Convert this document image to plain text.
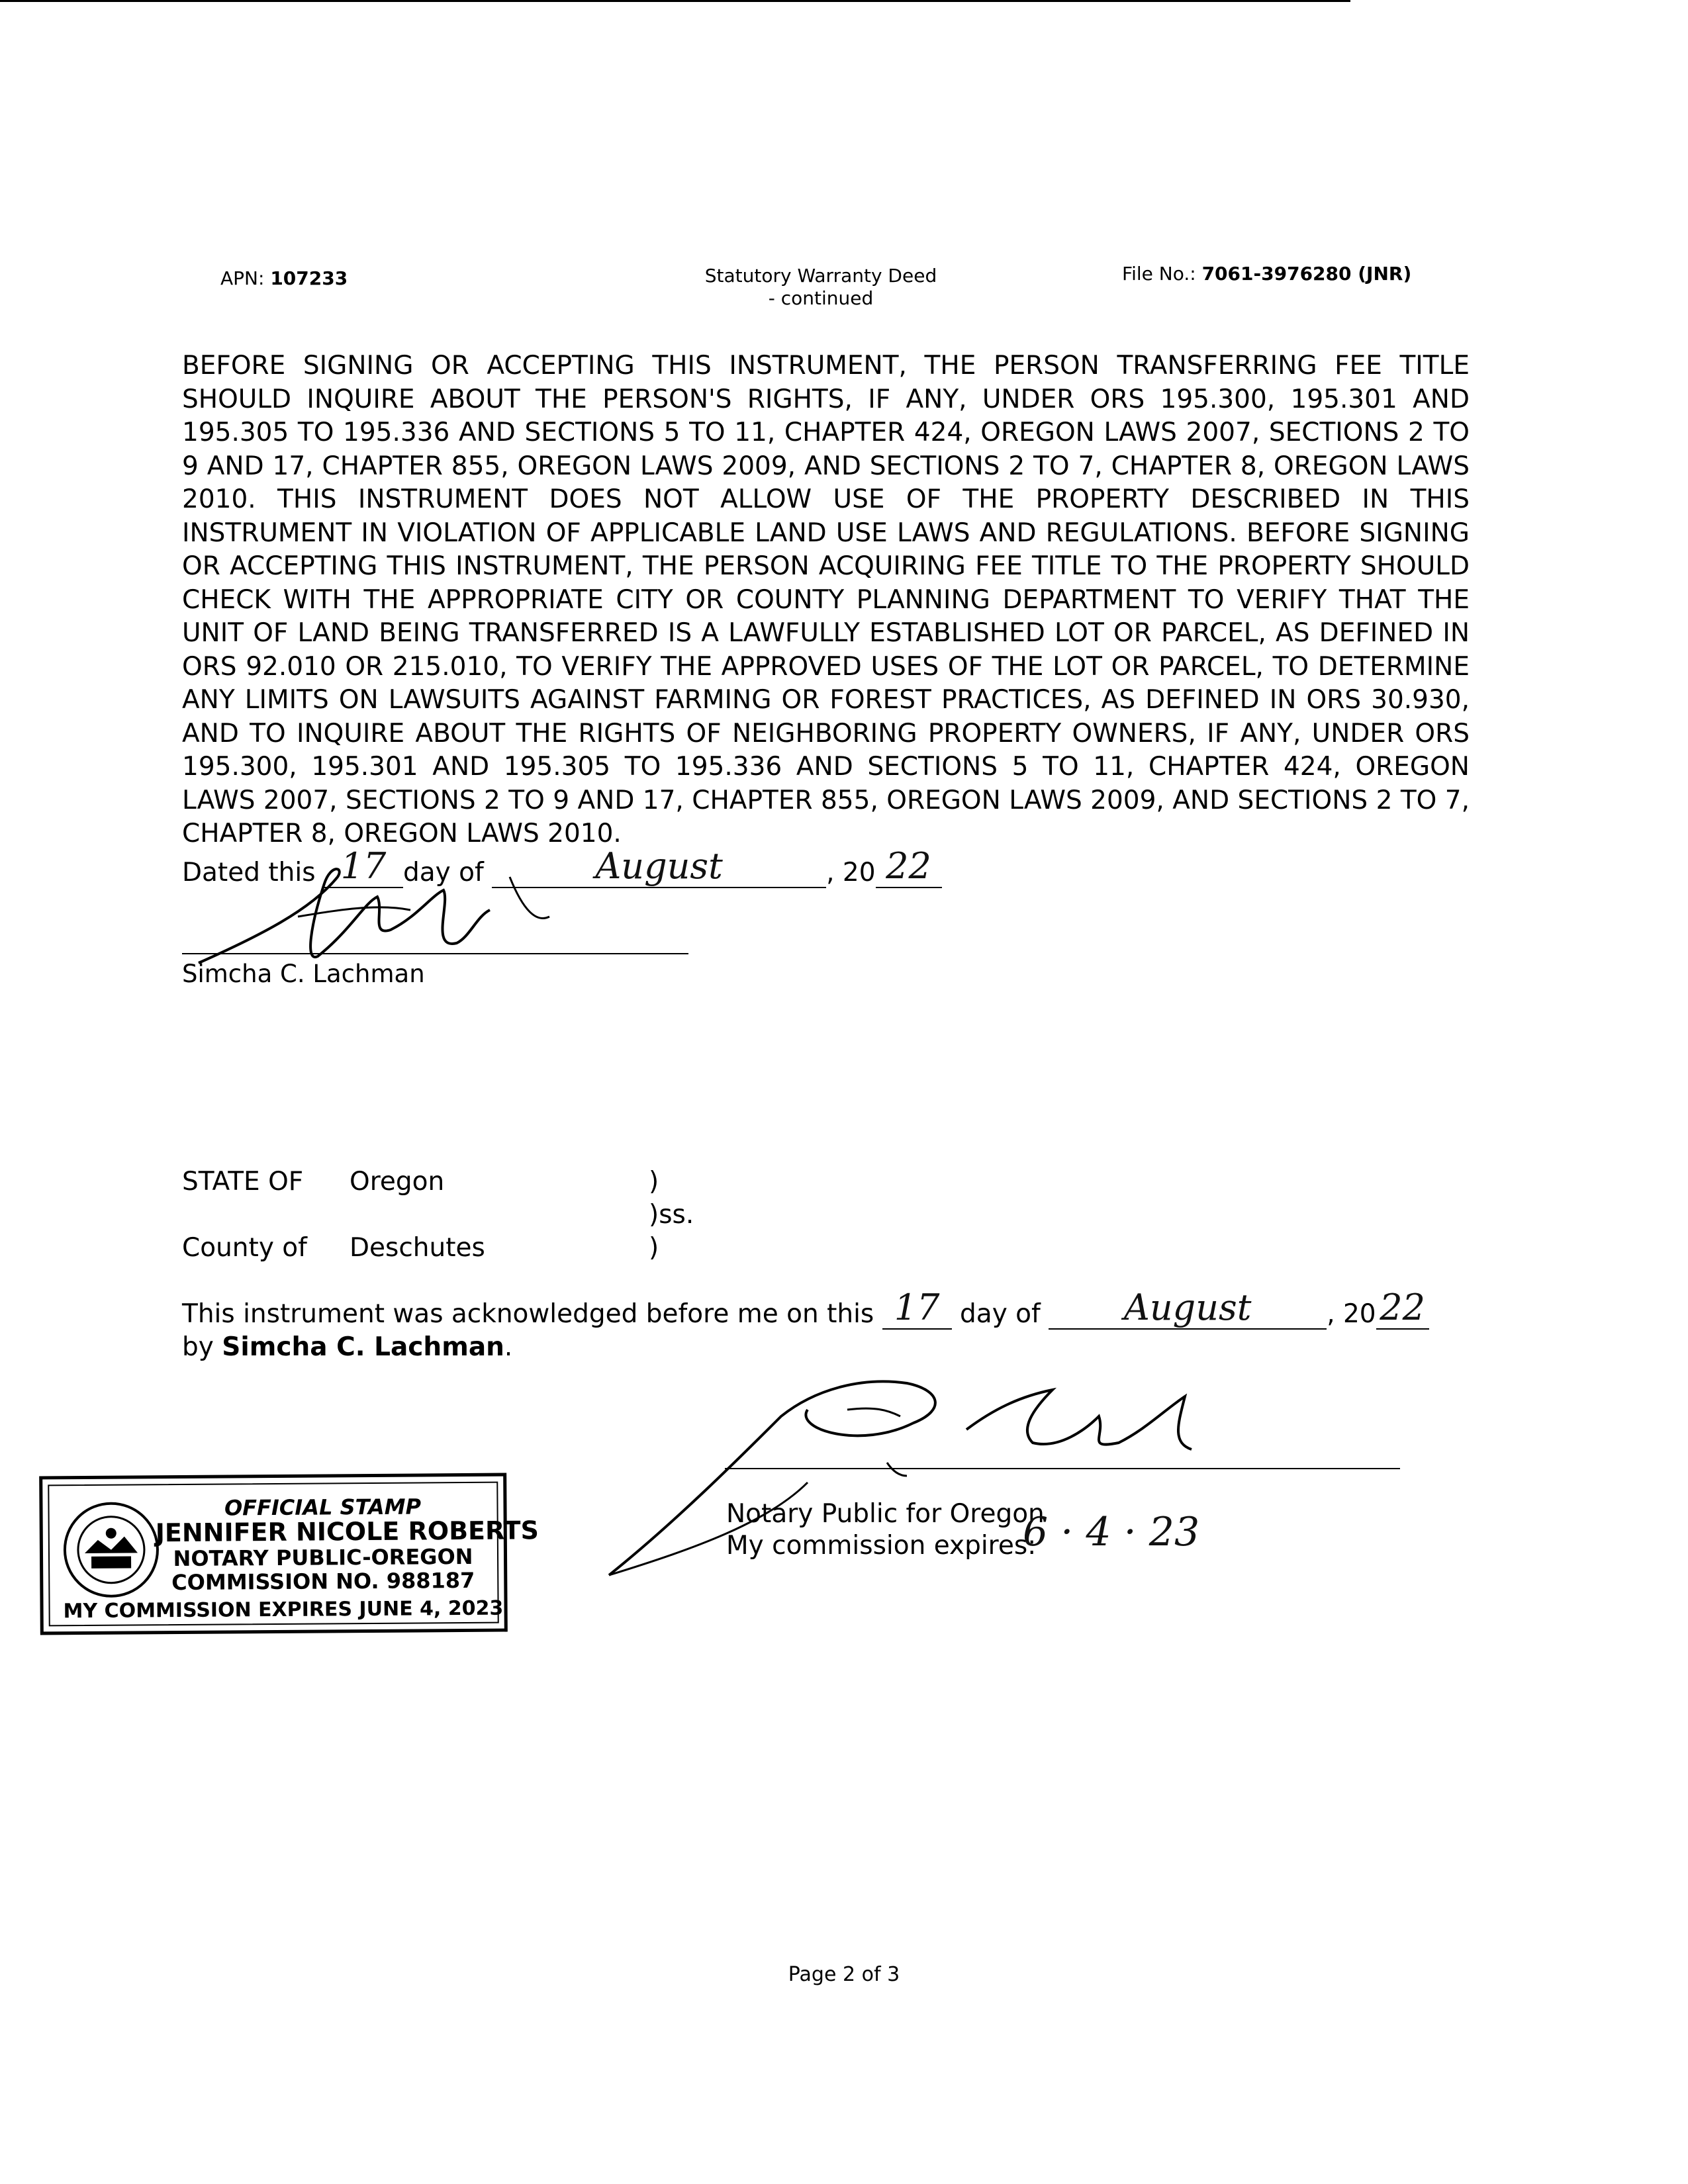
APN: 107233	Statutory Warranty Deed
- continued
File No.: 7061-3976280 (JNR)
BEFORE SIGNING OR ACCEPTING THIS INSTRUMENT, THE PERSON TRANSFERRING FEE TITLE SHOULD INQUIRE ABOUT THE PERSON'S RIGHTS, IF ANY, UNDER ORS 195.300, 195.301 AND 195.305 TO 195.336 AND SECTIONS 5 TO 11, CHAPTER 424, OREGON LAWS 2007, SECTIONS 2 TO 9 AND 17, CHAPTER 855, OREGON LAWS 2009, AND SECTIONS 2 TO 7, CHAPTER 8, OREGON LAWS 2010. THIS INSTRUMENT DOES NOT ALLOW USE OF THE PROPERTY DESCRIBED IN THIS INSTRUMENT IN VIOLATION OF APPLICABLE LAND USE LAWS AND REGULATIONS. BEFORE SIGNING OR ACCEPTING THIS INSTRUMENT, THE PERSON ACQUIRING FEE TITLE TO THE PROPERTY SHOULD CHECK WITH THE APPROPRIATE CITY OR COUNTY PLANNING DEPARTMENT TO VERIFY THAT THE UNIT OF LAND BEING TRANSFERRED IS A LAWFULLY ESTABLISHED LOT OR PARCEL, AS DEFINED IN ORS 92.010 OR 215.010, TO VERIFY THE APPROVED USES OF THE LOT OR PARCEL, TO DETERMINE ANY LIMITS ON LAWSUITS AGAINST FARMING OR FOREST PRACTICES, AS DEFINED IN ORS 30.930, AND TO INQUIRE ABOUT THE RIGHTS OF NEIGHBORING PROPERTY OWNERS, IF ANY, UNDER ORS 195.300, 195.301 AND 195.305 TO 195.336 AND SECTIONS 5 TO 11, CHAPTER 424, OREGON LAWS 2007, SECTIONS 2 TO 9 AND 17, CHAPTER 855, OREGON LAWS 2009, AND SECTIONS 2 TO 7, CHAPTER 8, OREGON LAWS 2010.
Dated this 17 day of	August	, 20 22
Simcha C. Lachman
STATE OF Oregon	)
)ss.
County of Deschutes	)
This instrument was acknowledged before me on this 17 day of	August	, 20 22
by Simcha C. Lachman.
Notary Public for Oregon
My commission expires:
6 · 4 · 23
OFFICIAL STAMP
JENNIFER NICOLE ROBERTS
NOTARY PUBLIC-OREGON
COMMISSION NO. 988187
MY COMMISSION EXPIRES JUNE 4, 2023
Page 2 of 3
